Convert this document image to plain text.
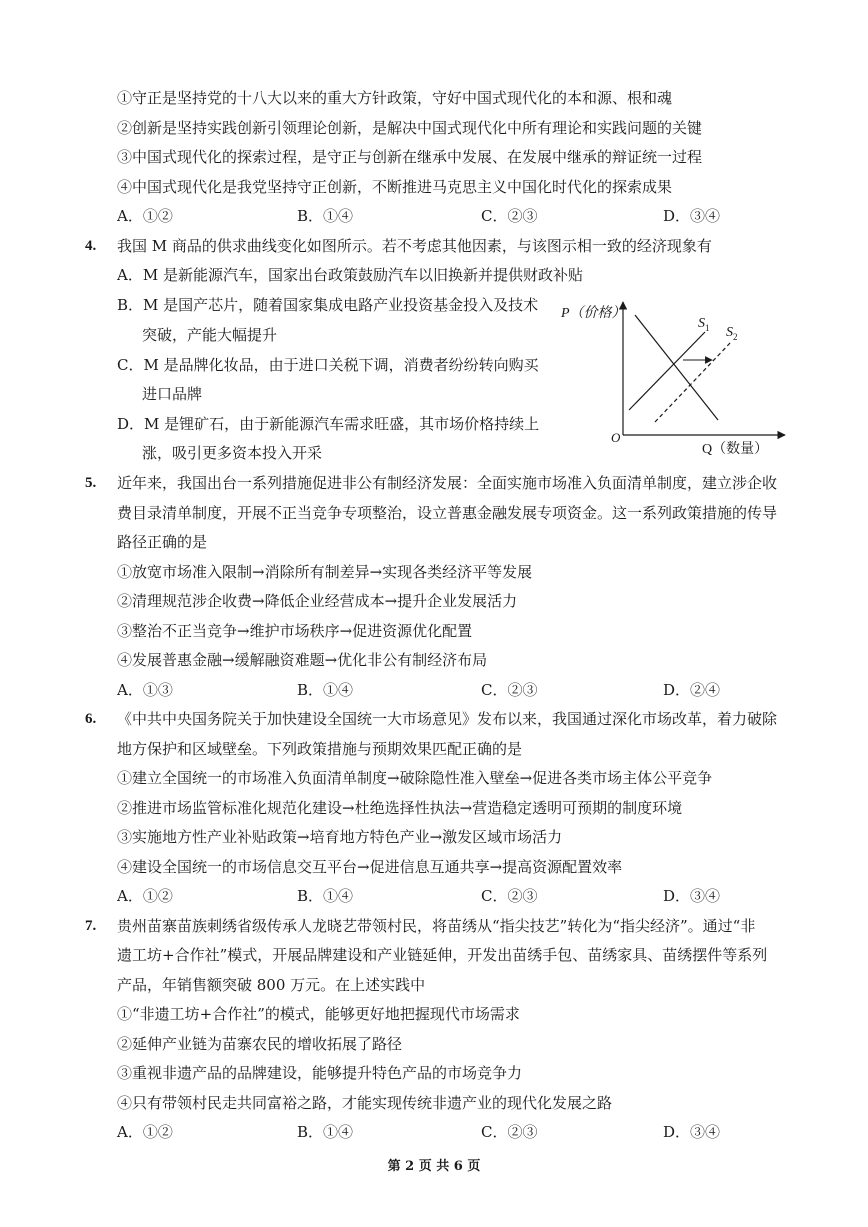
①守正是坚持党的十八大以来的重大方针政策，守好中国式现代化的本和源、根和魂
②创新是坚持实践创新引领理论创新，是解决中国式现代化中所有理论和实践问题的关键
③中国式现代化的探索过程，是守正与创新在继承中发展、在发展中继承的辩证统一过程
④中国式现代化是我党坚持守正创新，不断推进马克思主义中国化时代化的探索成果
A．①②	B．①④	C．②③	D．③④
4. 我国 M 商品的供求曲线变化如图所示。若不考虑其他因素，与该图示相一致的经济现象有
A．M 是新能源汽车，国家出台政策鼓励汽车以旧换新并提供财政补贴
B．M 是国产芯片，随着国家集成电路产业投资基金投入及技术
突破，产能大幅提升
C．M 是品牌化妆品，由于进口关税下调，消费者纷纷转向购买
进口品牌
D．M 是锂矿石，由于新能源汽车需求旺盛，其市场价格持续上
涨，吸引更多资本投入开采
P（价格）
O
Q（数量）
$S_1$ $S_2$
5. 近年来，我国出台一系列措施促进非公有制经济发展：全面实施市场准入负面清单制度，建立涉企收
费目录清单制度，开展不正当竞争专项整治，设立普惠金融发展专项资金。这一系列政策措施的传导
路径正确的是
①放宽市场准入限制→消除所有制差异→实现各类经济平等发展
②清理规范涉企收费→降低企业经营成本→提升企业发展活力
③整治不正当竞争→维护市场秩序→促进资源优化配置
④发展普惠金融→缓解融资难题→优化非公有制经济布局
A．①③	B．①④	C．②③	D．②④
6. 《中共中央国务院关于加快建设全国统一大市场意见》发布以来，我国通过深化市场改革，着力破除
地方保护和区域壁垒。下列政策措施与预期效果匹配正确的是
①建立全国统一的市场准入负面清单制度→破除隐性准入壁垒→促进各类市场主体公平竞争
②推进市场监管标准化规范化建设→杜绝选择性执法→营造稳定透明可预期的制度环境
③实施地方性产业补贴政策→培育地方特色产业→激发区域市场活力
④建设全国统一的市场信息交互平台→促进信息互通共享→提高资源配置效率
A．①②	B．①④	C．②③	D．③④
7. 贵州苗寨苗族刺绣省级传承人龙晓艺带领村民，将苗绣从“指尖技艺”转化为“指尖经济”。通过“非
遗工坊+合作社”模式，开展品牌建设和产业链延伸，开发出苗绣手包、苗绣家具、苗绣摆件等系列
产品，年销售额突破 800 万元。在上述实践中
①“非遗工坊+合作社”的模式，能够更好地把握现代市场需求
②延伸产业链为苗寨农民的增收拓展了路径
③重视非遗产品的品牌建设，能够提升特色产品的市场竞争力
④只有带领村民走共同富裕之路，才能实现传统非遗产业的现代化发展之路
A．①②	B．①④	C．②③	D．③④
第 2 页 共 6 页
